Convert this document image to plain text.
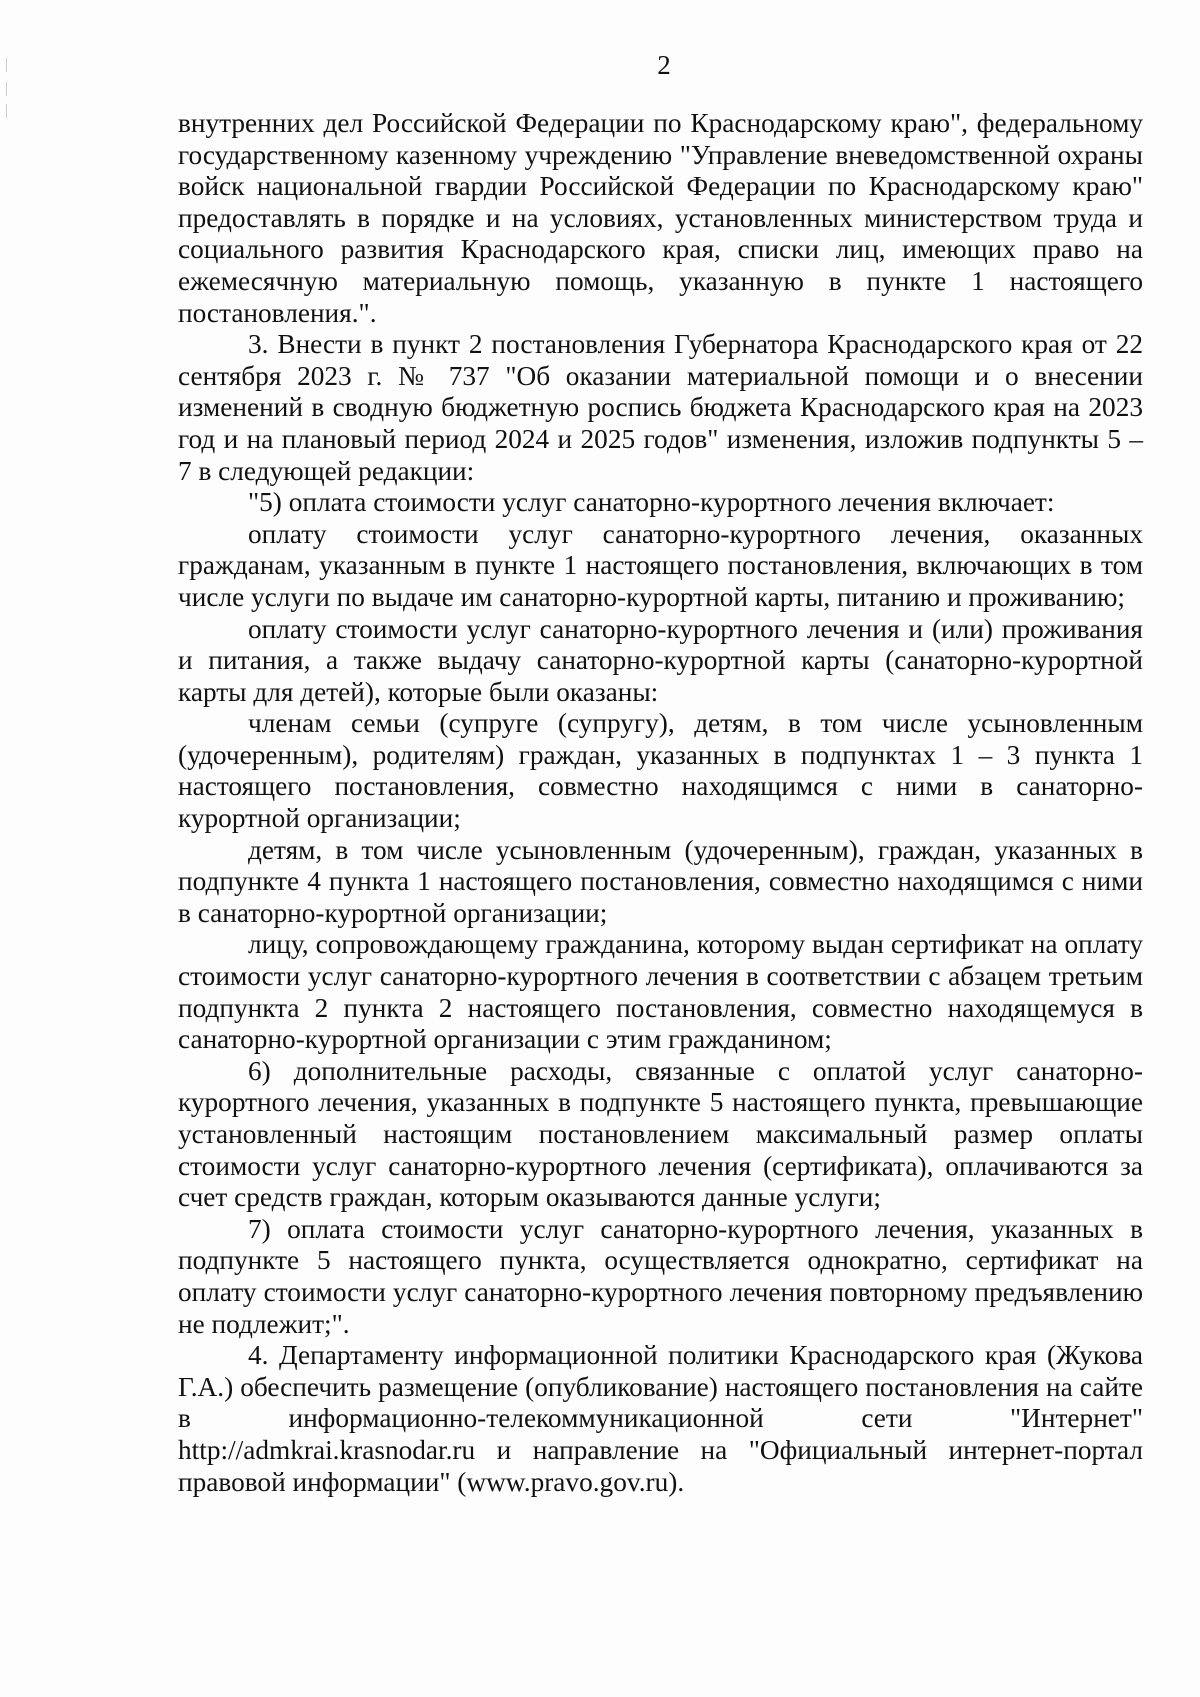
2

внутренних дел Российской Федерации по Краснодарскому краю", федеральному государственному казенному учреждению "Управление вневедомственной охраны войск национальной гвардии Российской Федерации по Краснодарскому краю" предоставлять в порядке и на условиях, установленных министерством труда и социального развития Краснодарского края, списки лиц, имеющих право на ежемесячную материальную помощь, указанную в пункте 1 настоящего постановления.".

3. Внести в пункт 2 постановления Губернатора Краснодарского края от 22 сентября 2023 г. № 737 "Об оказании материальной помощи и о внесении изменений в сводную бюджетную роспись бюджета Краснодарского края на 2023 год и на плановый период 2024 и 2025 годов" изменения, изложив подпункты 5 – 7 в следующей редакции:

"5) оплата стоимости услуг санаторно-курортного лечения включает:

оплату стоимости услуг санаторно-курортного лечения, оказанных гражданам, указанным в пункте 1 настоящего постановления, включающих в том числе услуги по выдаче им санаторно-курортной карты, питанию и проживанию;

оплату стоимости услуг санаторно-курортного лечения и (или) проживания и питания, а также выдачу санаторно-курортной карты (санаторно-курортной карты для детей), которые были оказаны:

членам семьи (супруге (супругу), детям, в том числе усыновленным (удочеренным), родителям) граждан, указанных в подпунктах 1 – 3 пункта 1 настоящего постановления, совместно находящимся с ними в санаторно-курортной организации;

детям, в том числе усыновленным (удочеренным), граждан, указанных в подпункте 4 пункта 1 настоящего постановления, совместно находящимся с ними в санаторно-курортной организации;

лицу, сопровождающему гражданина, которому выдан сертификат на оплату стоимости услуг санаторно-курортного лечения в соответствии с абзацем третьим подпункта 2 пункта 2 настоящего постановления, совместно находящемуся в санаторно-курортной организации с этим гражданином;

6) дополнительные расходы, связанные с оплатой услуг санаторно-курортного лечения, указанных в подпункте 5 настоящего пункта, превышающие установленный настоящим постановлением максимальный размер оплаты стоимости услуг санаторно-курортного лечения (сертификата), оплачиваются за счет средств граждан, которым оказываются данные услуги;

7) оплата стоимости услуг санаторно-курортного лечения, указанных в подпункте 5 настоящего пункта, осуществляется однократно, сертификат на оплату стоимости услуг санаторно-курортного лечения повторному предъявлению не подлежит;".

4. Департаменту информационной политики Краснодарского края (Жукова Г.А.) обеспечить размещение (опубликование) настоящего постановления на сайте в информационно-телекоммуникационной сети "Интернет" http://admkrai.krasnodar.ru и направление на "Официальный интернет-портал правовой информации" (www.pravo.gov.ru).
